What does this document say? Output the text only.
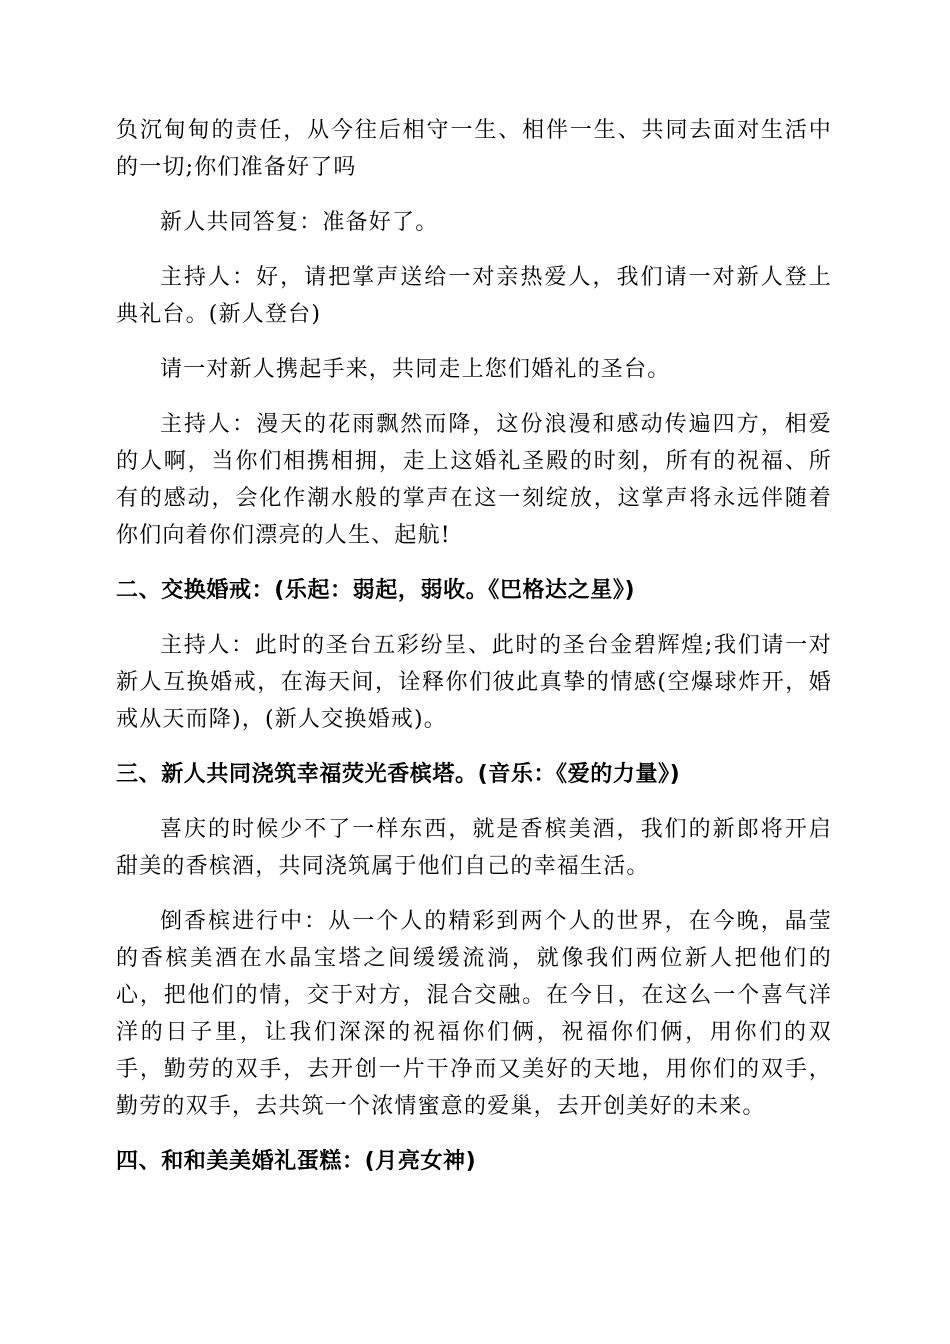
负沉甸甸的责任，从今往后相守一生、相伴一生、共同去面对生活中的一切;你们准备好了吗

新人共同答复：准备好了。

主持人：好，请把掌声送给一对亲热爱人，我们请一对新人登上典礼台。(新人登台)

请一对新人携起手来，共同走上您们婚礼的圣台。

主持人：漫天的花雨飘然而降，这份浪漫和感动传遍四方，相爱的人啊，当你们相携相拥，走上这婚礼圣殿的时刻，所有的祝福、所有的感动，会化作潮水般的掌声在这一刻绽放，这掌声将永远伴随着你们向着你们漂亮的人生、起航!

二、交换婚戒：(乐起：弱起，弱收。《巴格达之星》)

主持人：此时的圣台五彩纷呈、此时的圣台金碧辉煌;我们请一对新人互换婚戒，在海天间，诠释你们彼此真挚的情感(空爆球炸开，婚戒从天而降)，(新人交换婚戒)。

三、新人共同浇筑幸福荧光香槟塔。(音乐：《爱的力量》)

喜庆的时候少不了一样东西，就是香槟美酒，我们的新郎将开启甜美的香槟酒，共同浇筑属于他们自己的幸福生活。

倒香槟进行中：从一个人的精彩到两个人的世界，在今晚，晶莹的香槟美酒在水晶宝塔之间缓缓流淌，就像我们两位新人把他们的心，把他们的情，交于对方，混合交融。在今日，在这么一个喜气洋洋的日子里，让我们深深的祝福你们俩，祝福你们俩，用你们的双手，勤劳的双手，去开创一片干净而又美好的天地，用你们的双手，勤劳的双手，去共筑一个浓情蜜意的爱巢，去开创美好的未来。

四、和和美美婚礼蛋糕：(月亮女神)
